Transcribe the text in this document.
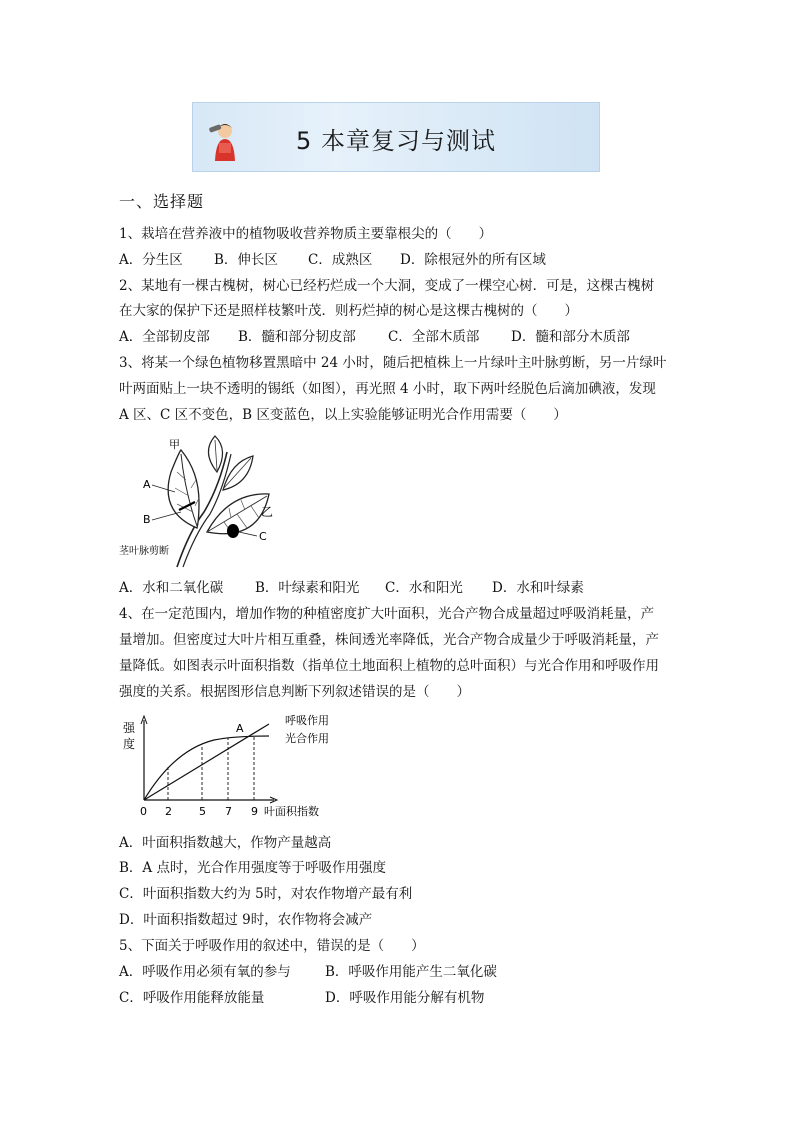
5 本章复习与测试
一、选择题
1、栽培在营养液中的植物吸收营养物质主要靠根尖的（　　）
A．分生区 B．伸长区 C．成熟区 D．除根冠外的所有区域
2、某地有一棵古槐树，树心已经朽烂成一个大洞，变成了一棵空心树．可是，这棵古槐树
在大家的保护下还是照样枝繁叶茂．则朽烂掉的树心是这棵古槐树的（　　）
A．全部韧皮部 B．髓和部分韧皮部 C．全部木质部 D．髓和部分木质部
3、将某一个绿色植物移置黑暗中 24 小时，随后把植株上一片绿叶主叶脉剪断，另一片绿叶
叶两面贴上一块不透明的锡纸（如图），再光照 4 小时，取下两叶经脱色后滴加碘液，发现
A 区、C 区不变色，B 区变蓝色，以上实验能够证明光合作用需要（　　）
甲
乙
A
B
C
茎叶脉剪断
A．水和二氧化碳 B．叶绿素和阳光 C．水和阳光 D．水和叶绿素
4、在一定范围内，增加作物的种植密度扩大叶面积，光合产物合成量超过呼吸消耗量，产
量增加。但密度过大叶片相互重叠，株间透光率降低，光合产物合成量少于呼吸消耗量，产
量降低。如图表示叶面积指数（指单位土地面积上植物的总叶面积）与光合作用和呼吸作用
强度的关系。根据图形信息判断下列叙述错误的是（　　）
强
度
0 2 5 7 9 叶面积指数
A
呼吸作用
光合作用
A．叶面积指数越大，作物产量越高
B．A 点时，光合作用强度等于呼吸作用强度
C．叶面积指数大约为 5时，对农作物增产最有利
D．叶面积指数超过 9时，农作物将会减产
5、下面关于呼吸作用的叙述中，错误的是（　　）
A．呼吸作用必须有氧的参与	B．呼吸作用能产生二氧化碳
C．呼吸作用能释放能量	D．呼吸作用能分解有机物
